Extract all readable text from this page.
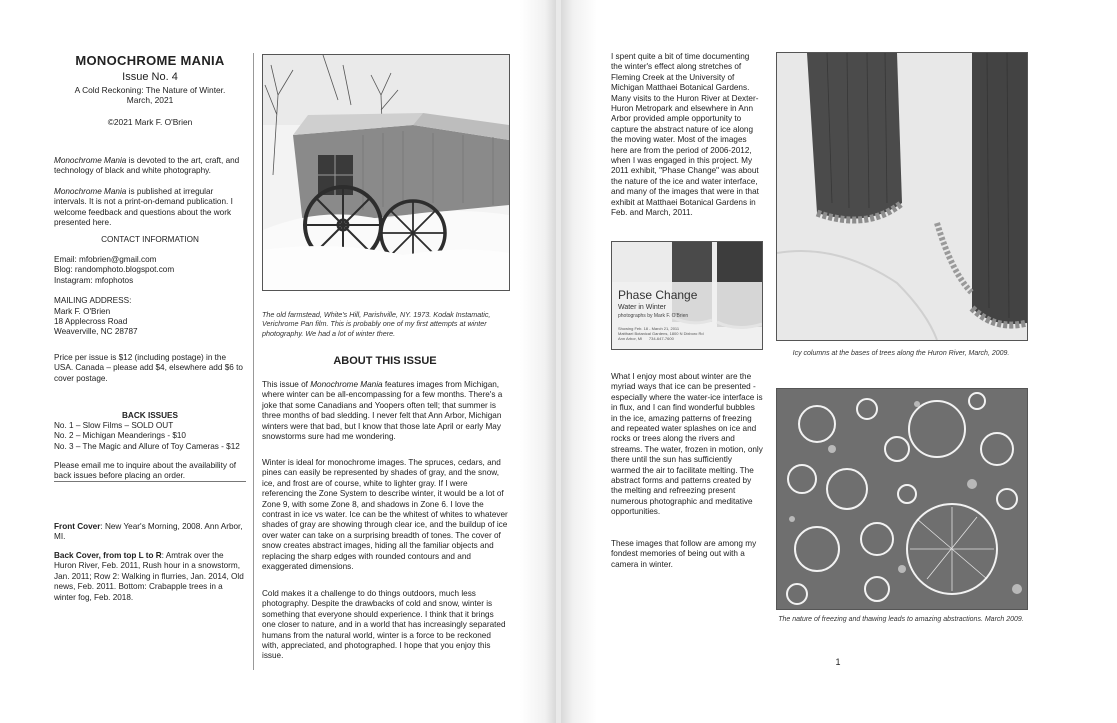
MONOCHROME MANIA
Issue No. 4
A Cold Reckoning: The Nature of Winter.
March, 2021
©2021 Mark F. O'Brien
Monochrome Mania is devoted to the art, craft, and technology of black and white photography.
Monochrome Mania is published at irregular intervals. It is not a print-on-demand publication. I welcome feedback and questions about the work presented here.
CONTACT INFORMATION
Email: mfobrien@gmail.com
Blog: randomphoto.blogspot.com
Instagram: mfophotos
MAILING ADDRESS:
Mark F. O'Brien
18 Applecross Road
Weaverville, NC 28787
Price per issue is $12 (including postage) in the USA. Canada – please add $4, elsewhere add $6 to cover postage.
BACK ISSUES
No. 1 – Slow Films – SOLD OUT
No. 2 – Michigan Meanderings - $10
No. 3 – The Magic and Allure of Toy Cameras - $12
Please email me to inquire about the availability of back issues before placing an order.
Front Cover: New Year's Morning, 2008. Ann Arbor, MI.
Back Cover, from top L to R: Amtrak over the Huron River, Feb. 2011, Rush hour in a snowstorm, Jan. 2011; Row 2: Walking in flurries, Jan. 2014, Old news, Feb. 2011. Bottom: Crabapple trees in a winter fog, Feb. 2018.
The old farmstead, White's Hill, Parishville, NY. 1973. Kodak Instamatic, Verichrome Pan film. This is probably one of my first attempts at winter photography. We had a lot of winter there.
ABOUT THIS ISSUE
This issue of Monochrome Mania features images from Michigan, where winter can be all-encompassing for a few months. There's a joke that some Canadians and Yoopers often tell; that summer is three months of bad sledding. I never felt that Ann Arbor, Michigan winters were that bad, but I know that those late April or early May snowstorms sure had me wondering.
Winter is ideal for monochrome images. The spruces, cedars, and pines can easily be represented by shades of gray, and the snow, ice, and frost are of course, white to lighter gray. If I were referencing the Zone System to describe winter, it would be a lot of Zone 9, with some Zone 8, and shadows in Zone 6. I love the contrast in ice vs water. Ice can be the whitest of whites to whatever shades of gray are showing through clear ice, and the buildup of ice over water can take on a surprising breadth of tones. The cover of snow creates abstract images, hiding all the familiar objects and replacing the sharp edges with rounded contours and and exaggerated dimensions.
Cold makes it a challenge to do things outdoors, much less photography. Despite the drawbacks of cold and snow, winter is something that everyone should experience. I think that it brings one closer to nature, and in a world that has increasingly separated humans from the natural world, winter is a force to be reckoned with, appreciated, and photographed. I hope that you enjoy this issue.
I spent quite a bit of time documenting the winter's effect along stretches of Fleming Creek at the University of Michigan Matthaei Botanical Gardens. Many visits to the Huron River at Dexter-Huron Metropark and elsewhere in Ann Arbor provided ample opportunity to capture the abstract nature of ice along the moving water. Most of the images here are from the period of 2006-2012, when I was engaged in this project. My 2011 exhibit, "Phase Change" was about the nature of the ice and water interface, and many of the images that were in that exhibit at Matthaei Botanical Gardens in Feb. and March, 2011.
Phase Change
Water in Winter
photographs by Mark F. O'Brien
Showing Feb. 18 - March 21, 2011
Matthaei Botanical Gardens, 1800 N Dixboro Rd
Ann Arbor, MI 734-647-7600
What I enjoy most about winter are the myriad ways that ice can be presented - especially where the water-ice interface is in flux, and I can find wonderful bubbles in the ice, amazing patterns of freezing and repeated water splashes on ice and rocks or trees along the rivers and streams. The water, frozen in motion, only there until the sun has sufficiently warmed the air to facilitate melting. The abstract forms and patterns created by the melting and refreezing present numerous photographic and meditative opportunities.
These images that follow are among my fondest memories of being out with a camera in winter.
Icy columns at the bases of trees along the Huron River, March, 2009.
The nature of freezing and thawing leads to amazing abstractions. March 2009.
1
